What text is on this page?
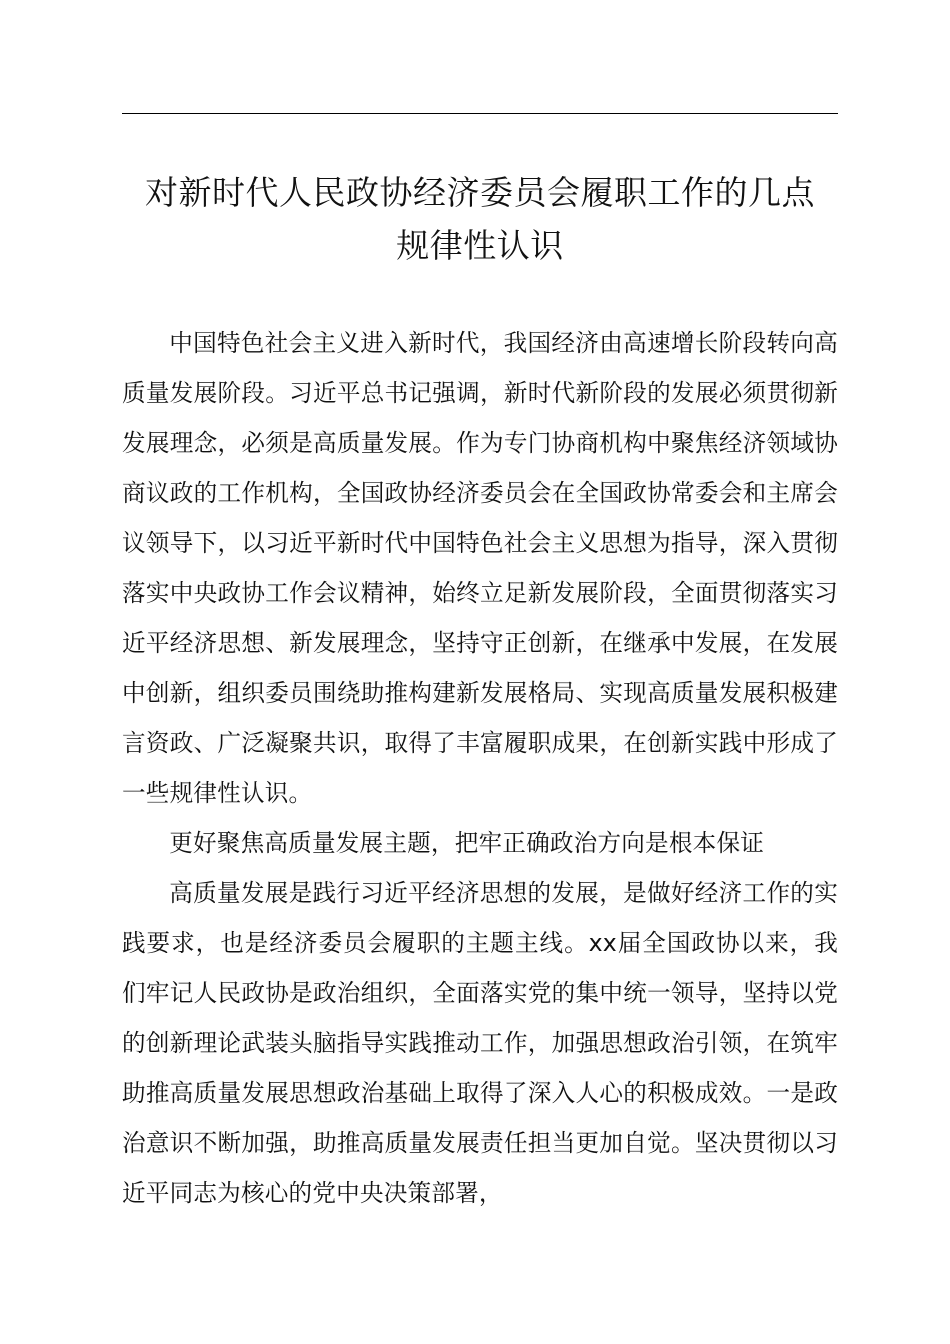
对新时代人民政协经济委员会履职工作的几点
规律性认识

中国特色社会主义进入新时代，我国经济由高速增长阶段转向高质量发展阶段。习近平总书记强调，新时代新阶段的发展必须贯彻新发展理念，必须是高质量发展。作为专门协商机构中聚焦经济领域协商议政的工作机构，全国政协经济委员会在全国政协常委会和主席会议领导下，以习近平新时代中国特色社会主义思想为指导，深入贯彻落实中央政协工作会议精神，始终立足新发展阶段，全面贯彻落实习近平经济思想、新发展理念，坚持守正创新，在继承中发展，在发展中创新，组织委员围绕助推构建新发展格局、实现高质量发展积极建言资政、广泛凝聚共识，取得了丰富履职成果，在创新实践中形成了一些规律性认识。

更好聚焦高质量发展主题，把牢正确政治方向是根本保证

高质量发展是践行习近平经济思想的发展，是做好经济工作的实践要求，也是经济委员会履职的主题主线。xx届全国政协以来，我们牢记人民政协是政治组织，全面落实党的集中统一领导，坚持以党的创新理论武装头脑指导实践推动工作，加强思想政治引领，在筑牢助推高质量发展思想政治基础上取得了深入人心的积极成效。一是政治意识不断加强，助推高质量发展责任担当更加自觉。坚决贯彻以习近平同志为核心的党中央决策部署，
